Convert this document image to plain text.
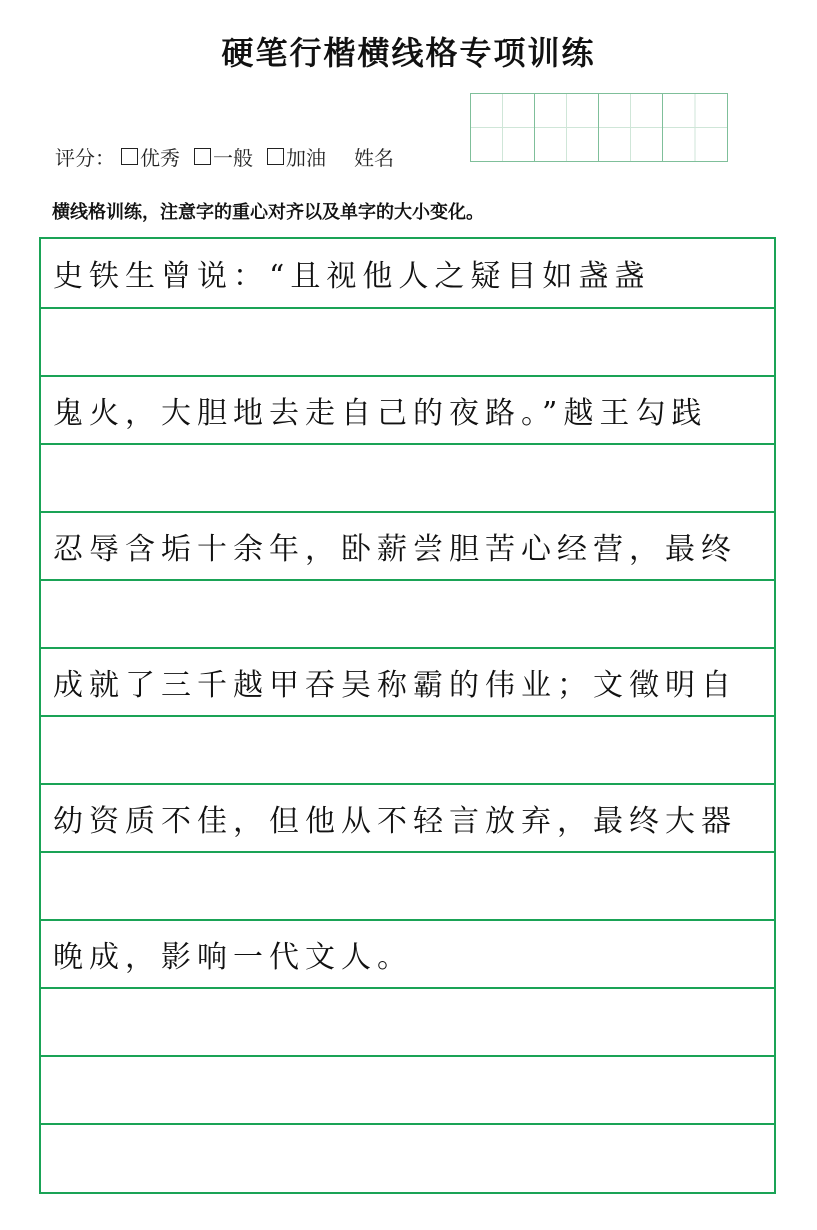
硬笔行楷横线格专项训练
评分： 优秀 一般 加油 姓名
横线格训练，注意字的重心对齐以及单字的大小变化。
史铁生曾说：“且视他人之疑目如盏盏
鬼火，大胆地去走自己的夜路。”越王勾践
忍辱含垢十余年，卧薪尝胆苦心经营，最终
成就了三千越甲吞吴称霸的伟业；文徵明自
幼资质不佳，但他从不轻言放弃，最终大器
晚成，影响一代文人。
